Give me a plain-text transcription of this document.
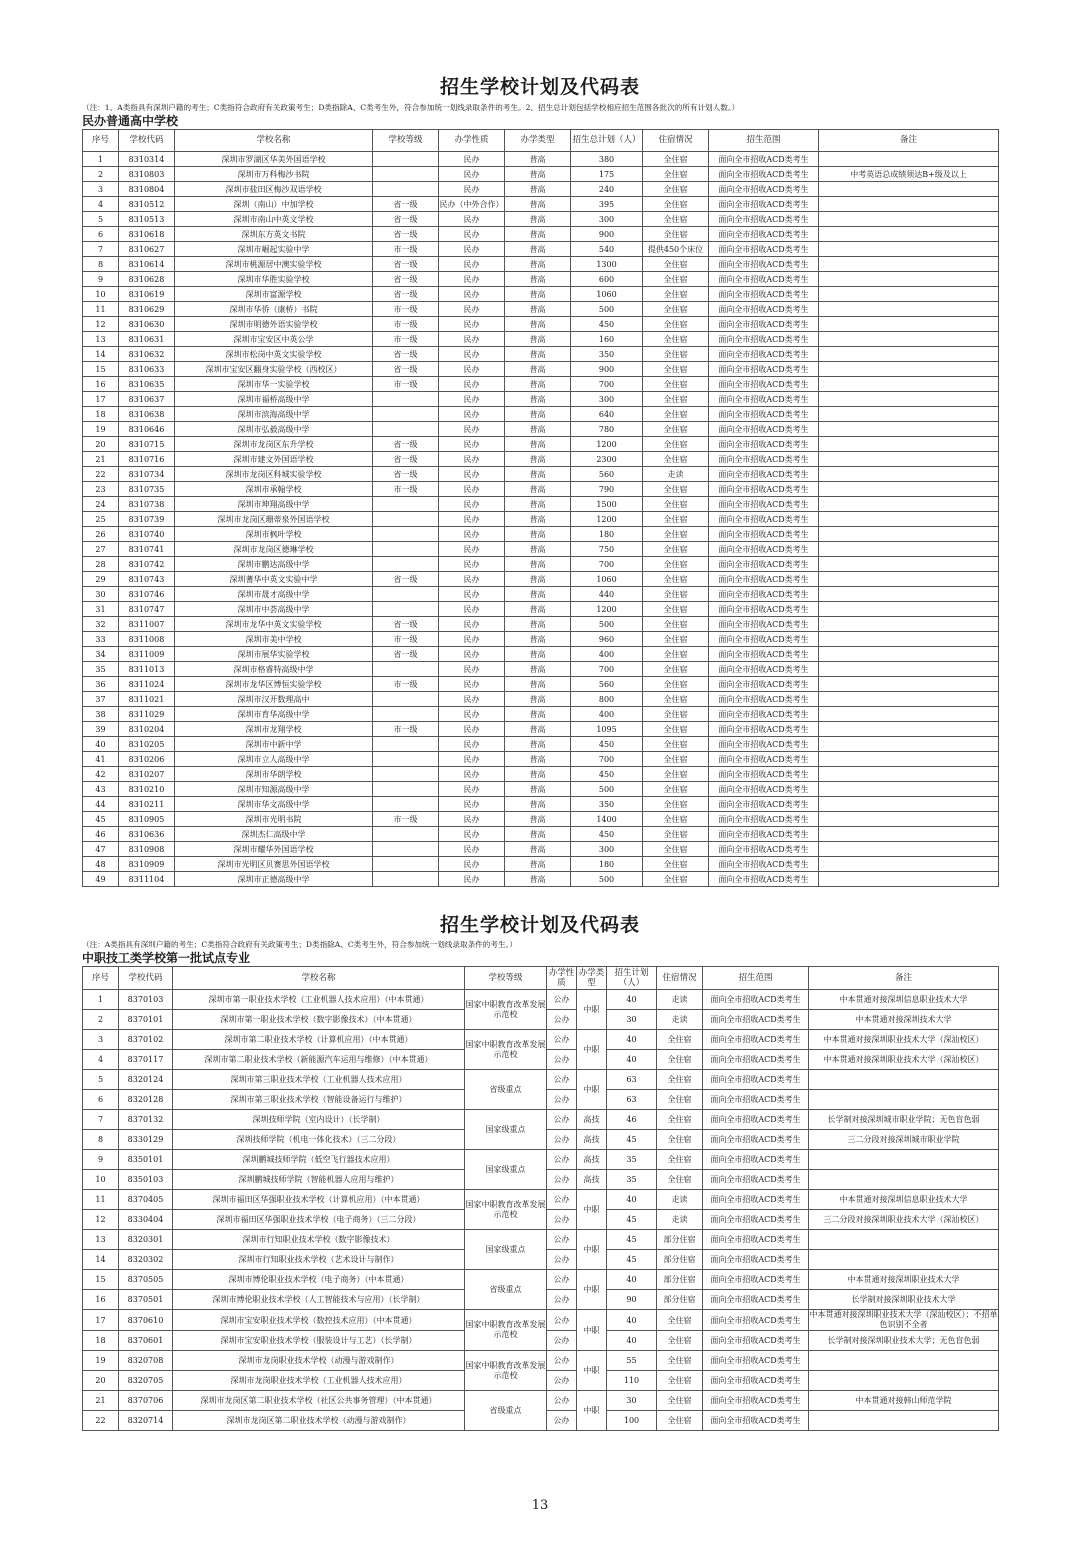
招生学校计划及代码表
（注：1、A类指具有深圳户籍的考生；C类指符合政府有关政策考生；D类指除A、C类考生外，符合参加统一划线录取条件的考生。2、招生总计划包括学校相应招生范围各批次的所有计划人数。）
民办普通高中学校
序号	学校代码	学校名称	学校等级	办学性质	办学类型	招生总计划（人）	住宿情况	招生范围	备注
1	8310314	深圳市罗湖区华美外国语学校		民办	普高	380	全住宿	面向全市招收ACD类考生	
2	8310803	深圳市万科梅沙书院		民办	普高	175	全住宿	面向全市招收ACD类考生	中考英语总成绩须达B+级及以上
3	8310804	深圳市盐田区梅沙双语学校		民办	普高	240	全住宿	面向全市招收ACD类考生	
4	8310512	深圳（南山）中加学校	省一级	民办（中外合作）	普高	395	全住宿	面向全市招收ACD类考生	
5	8310513	深圳市南山中英文学校	省一级	民办	普高	300	全住宿	面向全市招收ACD类考生	
6	8310618	深圳东方英文书院	省一级	民办	普高	900	全住宿	面向全市招收ACD类考生	
7	8310627	深圳市崛起实验中学	市一级	民办	普高	540	提供450个床位	面向全市招收ACD类考生	
8	8310614	深圳市桃源居中澳实验学校	省一级	民办	普高	1300	全住宿	面向全市招收ACD类考生	
9	8310628	深圳市华胜实验学校	省一级	民办	普高	600	全住宿	面向全市招收ACD类考生	
10	8310619	深圳市富源学校	省一级	民办	普高	1060	全住宿	面向全市招收ACD类考生	
11	8310629	深圳市华侨（康桥）书院	市一级	民办	普高	500	全住宿	面向全市招收ACD类考生	
12	8310630	深圳市明德外语实验学校	市一级	民办	普高	450	全住宿	面向全市招收ACD类考生	
13	8310631	深圳市宝安区中英公学	市一级	民办	普高	160	全住宿	面向全市招收ACD类考生	
14	8310632	深圳市松岗中英文实验学校	省一级	民办	普高	350	全住宿	面向全市招收ACD类考生	
15	8310633	深圳市宝安区翻身实验学校（西校区）	省一级	民办	普高	900	全住宿	面向全市招收ACD类考生	
16	8310635	深圳市华一实验学校	市一级	民办	普高	700	全住宿	面向全市招收ACD类考生	
17	8310637	深圳市福桥高级中学		民办	普高	300	全住宿	面向全市招收ACD类考生	
18	8310638	深圳市滨海高级中学		民办	普高	640	全住宿	面向全市招收ACD类考生	
19	8310646	深圳市弘毅高级中学		民办	普高	780	全住宿	面向全市招收ACD类考生	
20	8310715	深圳市龙岗区东升学校	省一级	民办	普高	1200	全住宿	面向全市招收ACD类考生	
21	8310716	深圳市建文外国语学校	省一级	民办	普高	2300	全住宿	面向全市招收ACD类考生	
22	8310734	深圳市龙岗区科城实验学校	省一级	民办	普高	560	走读	面向全市招收ACD类考生	
23	8310735	深圳市承翰学校	市一级	民办	普高	790	全住宿	面向全市招收ACD类考生	
24	8310738	深圳市坤翔高级中学		民办	普高	1500	全住宿	面向全市招收ACD类考生	
25	8310739	深圳市龙岗区珊蒂泉外国语学校		民办	普高	1200	全住宿	面向全市招收ACD类考生	
26	8310740	深圳市枫叶学校		民办	普高	180	全住宿	面向全市招收ACD类考生	
27	8310741	深圳市龙岗区德琳学校		民办	普高	750	全住宿	面向全市招收ACD类考生	
28	8310742	深圳市鹏达高级中学		民办	普高	700	全住宿	面向全市招收ACD类考生	
29	8310743	深圳蓍华中英文实验中学	省一级	民办	普高	1060	全住宿	面向全市招收ACD类考生	
30	8310746	深圳市晟才高级中学		民办	普高	440	全住宿	面向全市招收ACD类考生	
31	8310747	深圳市中荟高级中学		民办	普高	1200	全住宿	面向全市招收ACD类考生	
32	8311007	深圳市龙华中英文实验学校	省一级	民办	普高	500	全住宿	面向全市招收ACD类考生	
33	8311008	深圳市美中学校	市一级	民办	普高	960	全住宿	面向全市招收ACD类考生	
34	8311009	深圳市展华实验学校	省一级	民办	普高	400	全住宿	面向全市招收ACD类考生	
35	8311013	深圳市格睿特高级中学		民办	普高	700	全住宿	面向全市招收ACD类考生	
36	8311024	深圳市龙华区博恒实验学校	市一级	民办	普高	560	全住宿	面向全市招收ACD类考生	
37	8311021	深圳市汉开数理高中		民办	普高	800	全住宿	面向全市招收ACD类考生	
38	8311029	深圳市育华高级中学		民办	普高	400	全住宿	面向全市招收ACD类考生	
39	8310204	深圳市龙翔学校	市一级	民办	普高	1095	全住宿	面向全市招收ACD类考生	
40	8310205	深圳市中新中学		民办	普高	450	全住宿	面向全市招收ACD类考生	
41	8310206	深圳市立人高级中学		民办	普高	700	全住宿	面向全市招收ACD类考生	
42	8310207	深圳市华朗学校		民办	普高	450	全住宿	面向全市招收ACD类考生	
43	8310210	深圳市知源高级中学		民办	普高	500	全住宿	面向全市招收ACD类考生	
44	8310211	深圳市华文高级中学		民办	普高	350	全住宿	面向全市招收ACD类考生	
45	8310905	深圳市光明书院	市一级	民办	普高	1400	全住宿	面向全市招收ACD类考生	
46	8310636	深圳杰仁高级中学		民办	普高	450	全住宿	面向全市招收ACD类考生	
47	8310908	深圳市耀华外国语学校		民办	普高	300	全住宿	面向全市招收ACD类考生	
48	8310909	深圳市光明区贝赛思外国语学校		民办	普高	180	全住宿	面向全市招收ACD类考生	
49	8311104	深圳市正德高级中学		民办	普高	500	全住宿	面向全市招收ACD类考生	
招生学校计划及代码表
（注：A类指具有深圳户籍的考生；C类指符合政府有关政策考生；D类指除A、C类考生外，符合参加统一划线录取条件的考生。）
中职技工类学校第一批试点专业
序号	学校代码	学校名称	学校等级	办学性质	办学类型	招生计划（人）	住宿情况	招生范围	备注
1	8370103	深圳市第一职业技术学校（工业机器人技术应用）（中本贯通）	国家中职教育改革发展示范校	公办	中职	40	走读	面向全市招收ACD类考生	中本贯通对接深圳信息职业技术大学
2	8370101	深圳市第一职业技术学校（数字影像技术）（中本贯通）		公办		30	走读	面向全市招收ACD类考生	中本贯通对接深圳技术大学
3	8370102	深圳市第二职业技术学校（计算机应用）（中本贯通）	国家中职教育改革发展示范校	公办	中职	40	全住宿	面向全市招收ACD类考生	中本贯通对接深圳职业技术大学（深汕校区）
4	8370117	深圳市第二职业技术学校（新能源汽车运用与维修）（中本贯通）		公办		40	全住宿	面向全市招收ACD类考生	中本贯通对接深圳职业技术大学（深汕校区）
5	8320124	深圳市第三职业技术学校（工业机器人技术应用）	省级重点	公办	中职	63	全住宿	面向全市招收ACD类考生	
6	8320128	深圳市第三职业技术学校（智能设备运行与维护）		公办		63	全住宿	面向全市招收ACD类考生	
7	8370132	深圳技师学院（室内设计）（长学制）	国家级重点	公办	高技	46	全住宿	面向全市招收ACD类考生	长学制对接深圳城市职业学院；无色盲色弱
8	8330129	深圳技师学院（机电一体化技术）（三二分段）		公办	高技	45	全住宿	面向全市招收ACD类考生	三二分段对接深圳城市职业学院
9	8350101	深圳鹏城技师学院（低空飞行器技术应用）	国家级重点	公办	高技	35	全住宿	面向全市招收ACD类考生	
10	8350103	深圳鹏城技师学院（智能机器人应用与维护）		公办	高技	35	全住宿	面向全市招收ACD类考生	
11	8370405	深圳市福田区华强职业技术学校（计算机应用）（中本贯通）	国家中职教育改革发展示范校	公办	中职	40	走读	面向全市招收ACD类考生	中本贯通对接深圳信息职业技术大学
12	8330404	深圳市福田区华强职业技术学校（电子商务）（三二分段）		公办		45	走读	面向全市招收ACD类考生	三二分段对接深圳职业技术大学（深汕校区）
13	8320301	深圳市行知职业技术学校（数字影像技术）	国家级重点	公办	中职	45	部分住宿	面向全市招收ACD类考生	
14	8320302	深圳市行知职业技术学校（艺术设计与制作）		公办		45	部分住宿	面向全市招收ACD类考生	
15	8370505	深圳市博伦职业技术学校（电子商务）（中本贯通）	省级重点	公办	中职	40	部分住宿	面向全市招收ACD类考生	中本贯通对接深圳职业技术大学
16	8370501	深圳市博伦职业技术学校（人工智能技术与应用）（长学制）		公办		90	部分住宿	面向全市招收ACD类考生	长学制对接深圳职业技术大学
17	8370610	深圳市宝安职业技术学校（数控技术应用）（中本贯通）	国家中职教育改革发展示范校	公办	中职	40	全住宿	面向全市招收ACD类考生	中本贯通对接深圳职业技术大学（深汕校区）；不招单色识别不全者
18	8370601	深圳市宝安职业技术学校（服装设计与工艺）（长学制）		公办		40	全住宿	面向全市招收ACD类考生	长学制对接深圳职业技术大学；无色盲色弱
19	8320708	深圳市龙岗职业技术学校（动漫与游戏制作）	国家中职教育改革发展示范校	公办	中职	55	全住宿	面向全市招收ACD类考生	
20	8320705	深圳市龙岗职业技术学校（工业机器人技术应用）		公办		110	全住宿	面向全市招收ACD类考生	
21	8370706	深圳市龙岗区第二职业技术学校（社区公共事务管理）（中本贯通）	省级重点	公办	中职	30	全住宿	面向全市招收ACD类考生	中本贯通对接韩山师范学院
22	8320714	深圳市龙岗区第二职业技术学校（动漫与游戏制作）		公办		100	全住宿	面向全市招收ACD类考生	
13
